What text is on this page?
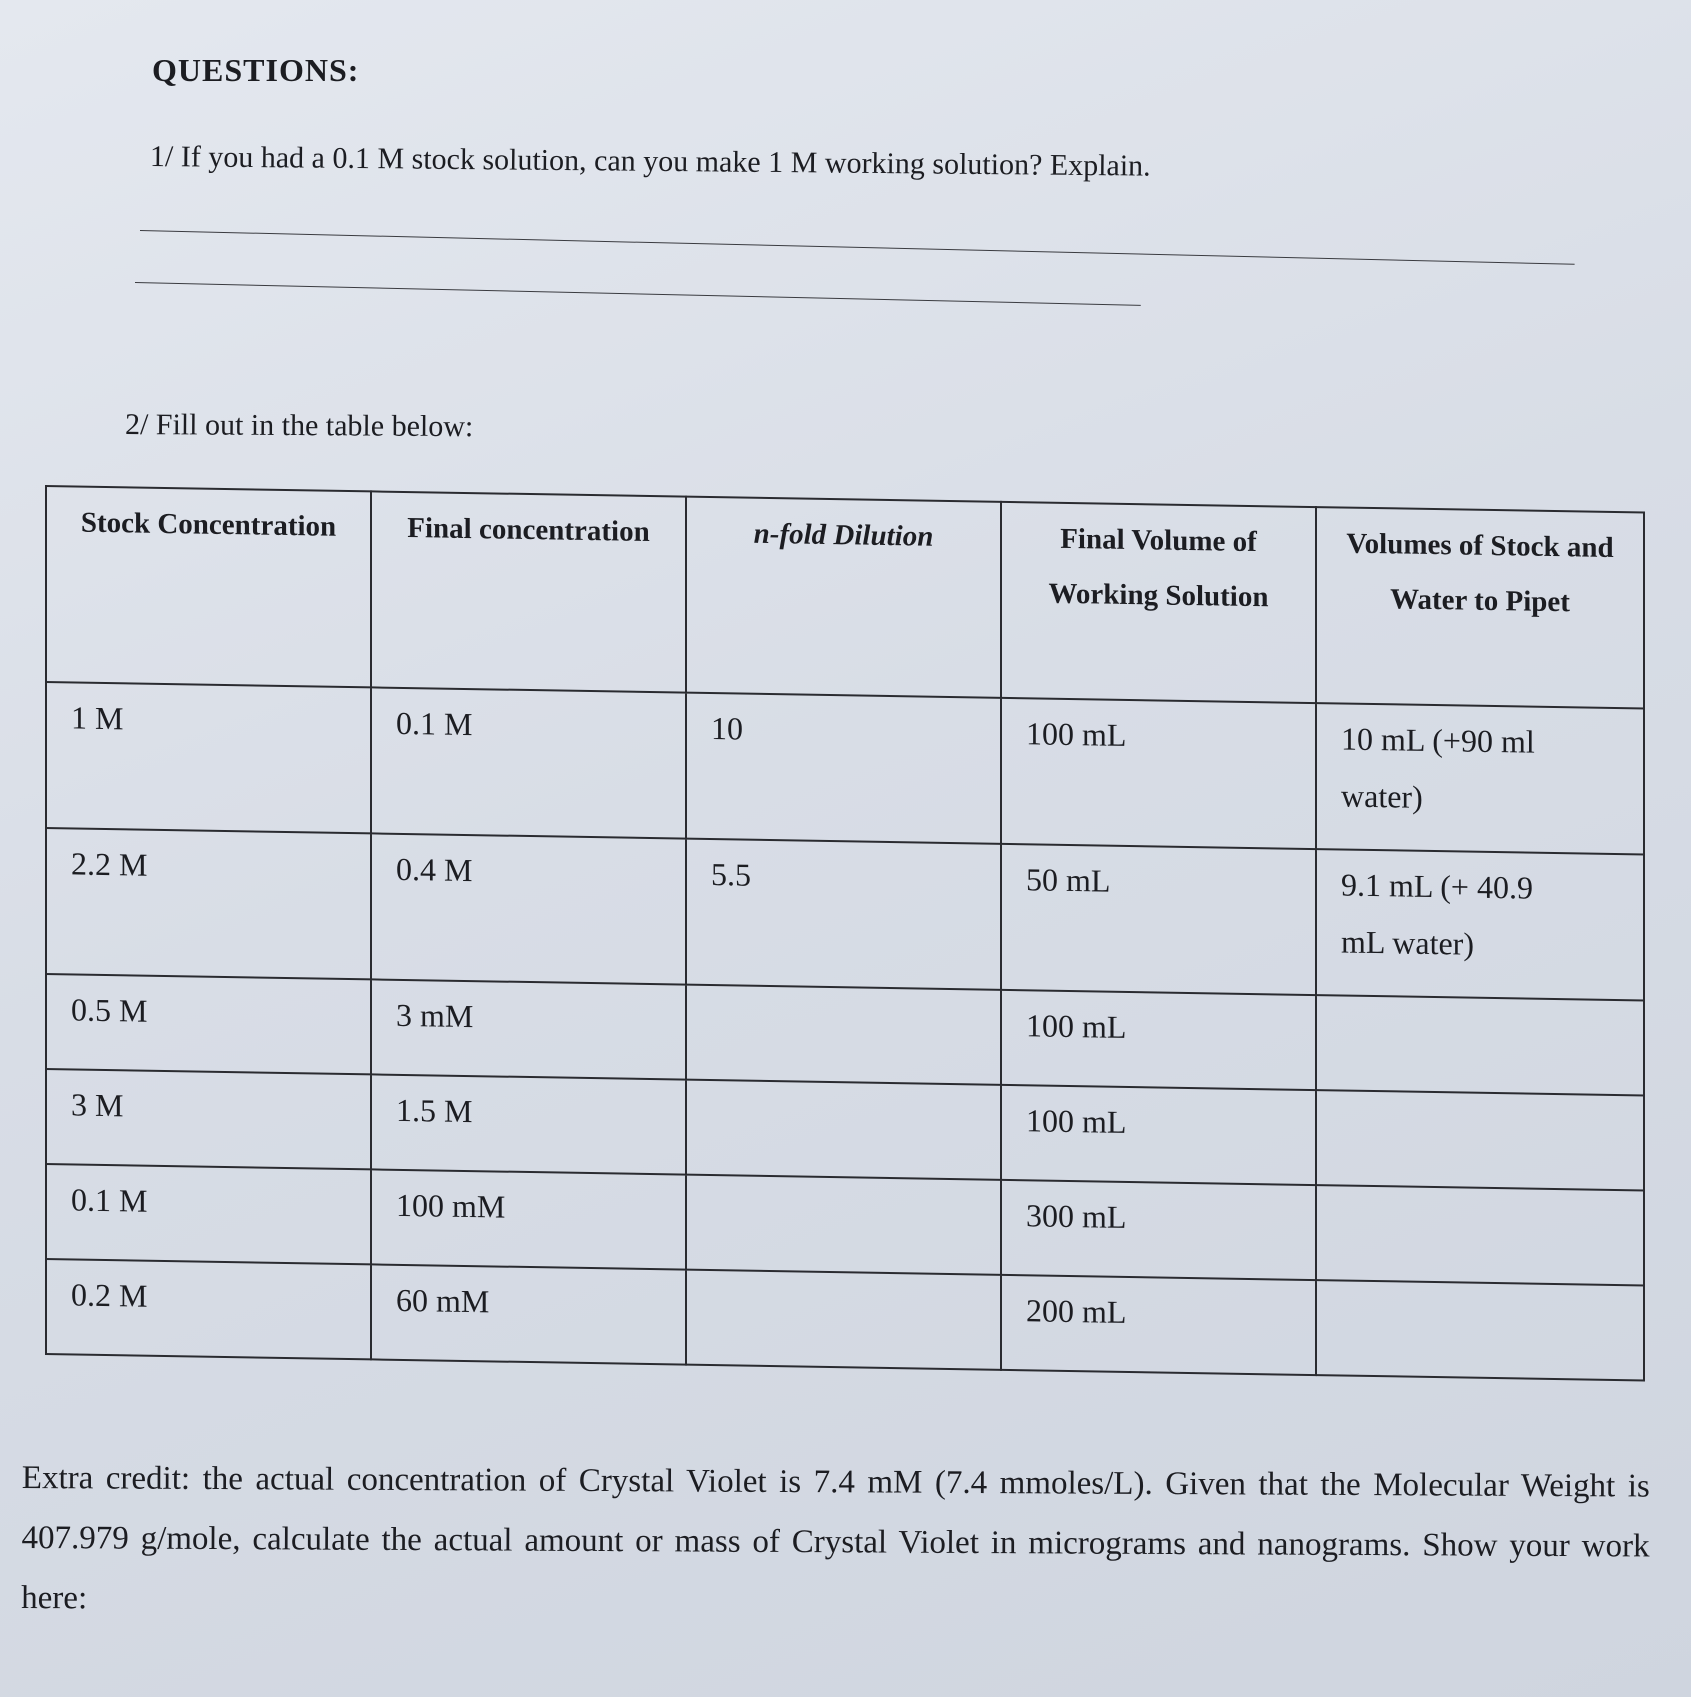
QUESTIONS:

1/ If you had a 0.1 M stock solution, can you make 1 M working solution? Explain.

2/ Fill out in the table below:

Stock Concentration	Final concentration	n-fold Dilution	Final Volume of Working Solution	Volumes of Stock and Water to Pipet

1 M	0.1 M	10	100 mL	10 mL (+90 ml water)

2.2 M	0.4 M	5.5	50 mL	9.1 mL (+ 40.9 mL water)

0.5 M	3 mM		100 mL	
3 M	1.5 M		100 mL	
0.1 M	100 mM		300 mL	
0.2 M	60 mM		200 mL	

Extra credit: the actual concentration of Crystal Violet is 7.4 mM (7.4 mmoles/L). Given that the Molecular Weight is 407.979 g/mole, calculate the actual amount or mass of Crystal Violet in micrograms and nanograms. Show your work here:
